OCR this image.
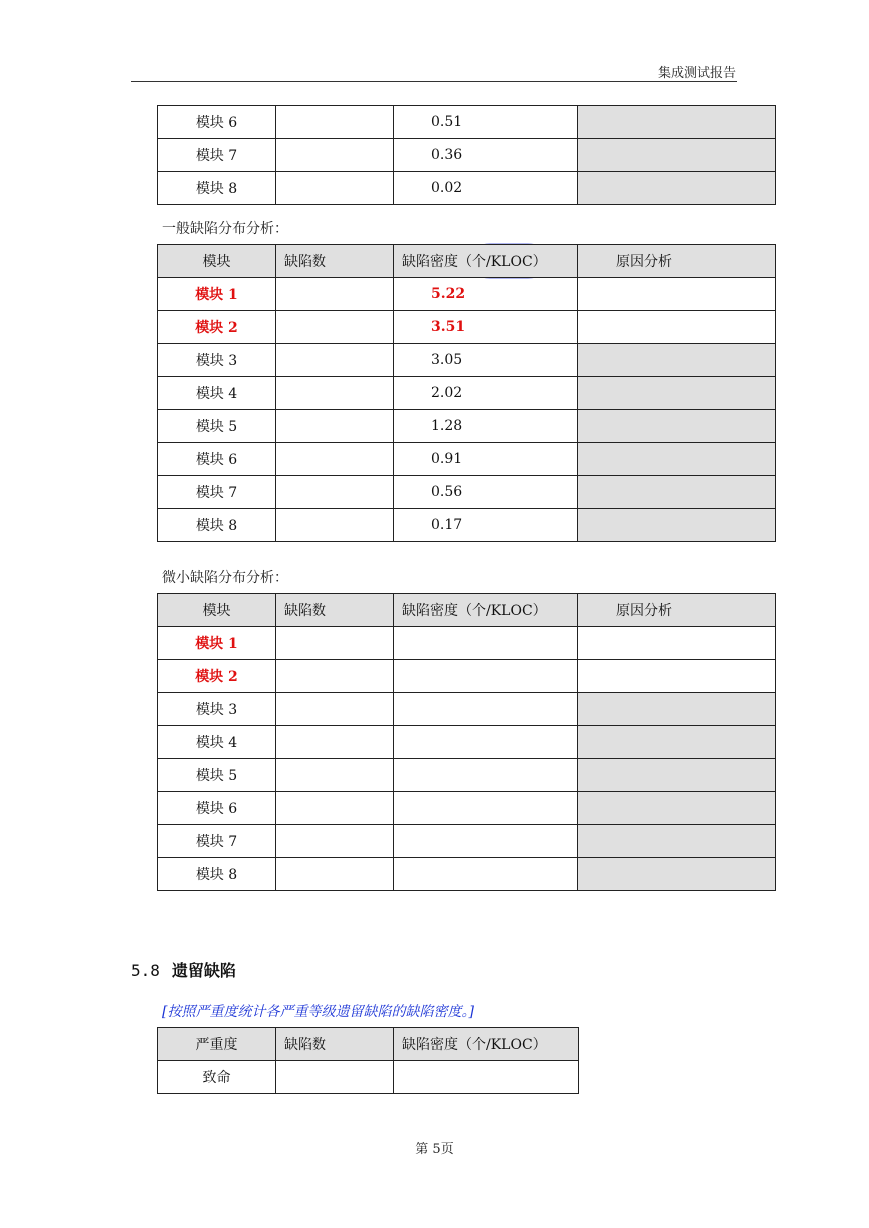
集成测试报告
模块 6		0.51	
模块 7		0.36	
模块 8		0.02	
一般缺陷分布分析：
模块	缺陷数	缺陷密度（个/KLOC）	原因分析
模块 1		5.22	
模块 2		3.51	
模块 3		3.05	
模块 4		2.02	
模块 5		1.28	
模块 6		0.91	
模块 7		0.56	
模块 8		0.17	
微小缺陷分布分析：
模块	缺陷数	缺陷密度（个/KLOC）	原因分析
模块 1			
模块 2			
模块 3			
模块 4			
模块 5			
模块 6			
模块 7			
模块 8			
5.8 遗留缺陷
[按照严重度统计各严重等级遗留缺陷的缺陷密度。]
严重度	缺陷数	缺陷密度（个/KLOC）
致命		
第 5页
